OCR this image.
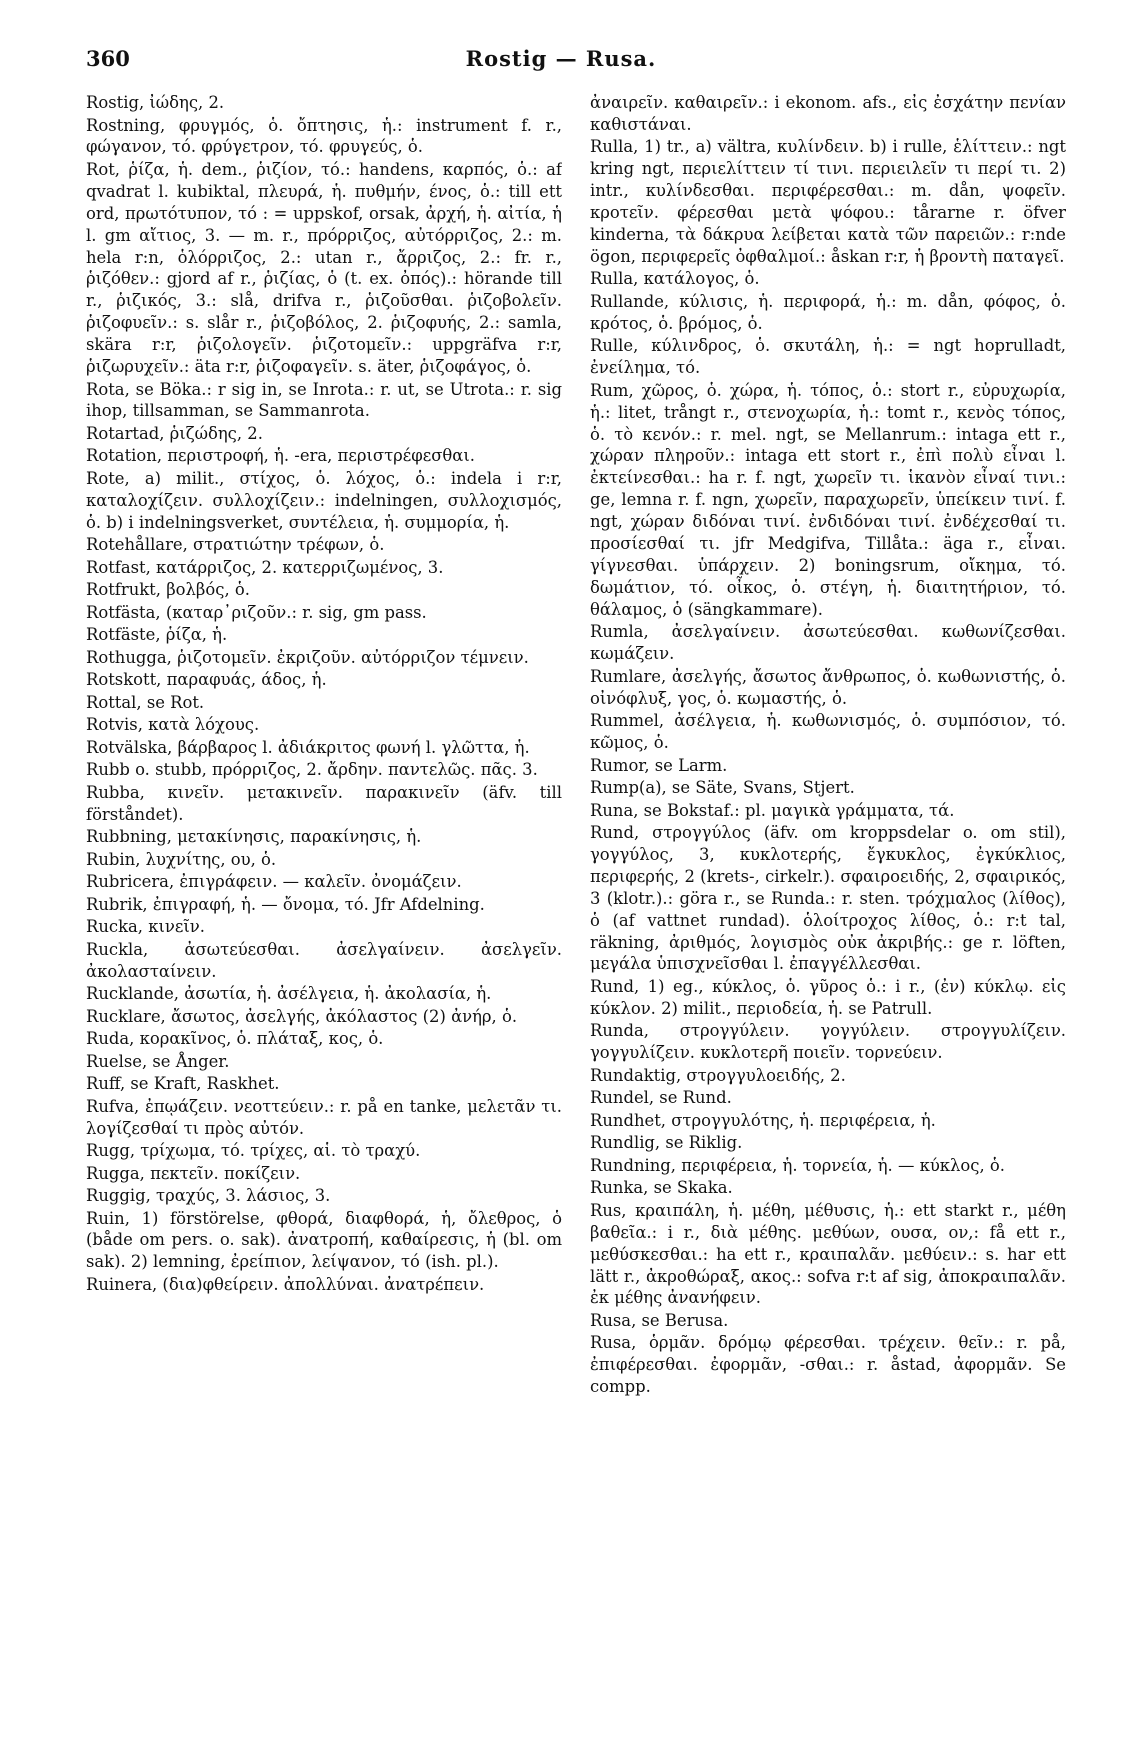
360	Rostig — Rusa.
Rostig, ἰώδης, 2.
Rostning, φρυγμός, ὁ. ὄπτησις, ἡ.: instrument f. r., φώγανον, τό. φρύγετρον, τό. φρυγεύς, ὁ.
Rot, ῥίζα, ἡ. dem., ῥιζίον, τό.: handens, καρπός, ὁ.: af qvadrat l. kubiktal, πλευρά, ἡ. πυθμήν, ένος, ὁ.: till ett ord, πρωτότυπον, τό : = uppskof, orsak, ἀρχή, ἡ. αἰτία, ἡ l. gm αἴτιος, 3. — m. r., πρόρριζος, αὐτόρριζος, 2.: m. hela r:n, ὁλόρριζος, 2.: utan r., ἄρριζος, 2.: fr. r., ῥιζόθεν.: gjord af r., ῥιζίας, ὁ (t. ex. ὀπός).: hörande till r., ῥιζικός, 3.: slå, drifva r., ῥιζοῦσθαι. ῥιζοβολεῖν. ῥιζοφυεῖν.: s. slår r., ῥιζοβόλος, 2. ῥιζοφυής, 2.: samla, skära r:r, ῥιζολογεῖν. ῥιζοτομεῖν.: uppgräfva r:r, ῥιζωρυχεῖν.: äta r:r, ῥιζοφαγεῖν. s. äter, ῥιζοφάγος, ὁ.
Rota, se Böka.: r sig in, se Inrota.: r. ut, se Utrota.: r. sig ihop, tillsamman, se Sammanrota.
Rotartad, ῥιζώδης, 2.
Rotation, περιστροφή, ἡ. -era, περιστρέφεσθαι.
Rote, a) milit., στίχος, ὁ. λόχος, ὁ.: indela i r:r, καταλοχίζειν. συλλοχίζειν.: indelningen, συλλοχισμός, ὁ. b) i indelningsverket, συντέλεια, ἡ. συμμορία, ἡ.
Rotehållare, στρατιώτην τρέφων, ὁ.
Rotfast, κατάρριζος, 2. κατερριζωμένος, 3.
Rotfrukt, βολβός, ὁ.
Rotfästa, (καταρ᾽ριζοῦν.: r. sig, gm pass.
Rotfäste, ῥίζα, ἡ.
Rothugga, ῥιζοτομεῖν. ἐκριζοῦν. αὐτόρριζον τέμνειν.
Rotskott, παραφυάς, άδος, ἡ.
Rottal, se Rot.
Rotvis, κατὰ λόχους.
Rotvälska, βάρβαρος l. ἀδιάκριτος φωνή l. γλῶττα, ἡ.
Rubb o. stubb, πρόρριζος, 2. ἄρδην. παντελῶς. πᾶς. 3.
Rubba, κινεῖν. μετακινεῖν. παρακινεῖν (äfv. till förståndet).
Rubbning, μετακίνησις, παρακίνησις, ἡ.
Rubin, λυχνίτης, ου, ὁ.
Rubricera, ἐπιγράφειν. — καλεῖν. ὀνομάζειν.
Rubrik, ἐπιγραφή, ἡ. — ὄνομα, τό. Jfr Afdelning.
Rucka, κινεῖν.
Ruckla, ἀσωτεύεσθαι. ἀσελγαίνειν. ἀσελγεῖν. ἀκολασταίνειν.
Rucklande, ἀσωτία, ἡ. ἀσέλγεια, ἡ. ἀκολασία, ἡ.
Rucklare, ἄσωτος, ἀσελγής, ἀκόλαστος (2) ἀνήρ, ὁ.
Ruda, κορακῖνος, ὁ. πλάταξ, κος, ὁ.
Ruelse, se Ånger.
Ruff, se Kraft, Raskhet.
Rufva, ἐπῳάζειν. νεοττεύειν.: r. på en tanke, μελετᾶν τι. λογίζεσθαί τι πρὸς αὐτόν.
Rugg, τρίχωμα, τό. τρίχες, αἱ. τὸ τραχύ.
Rugga, πεκτεῖν. ποκίζειν.
Ruggig, τραχύς, 3. λάσιος, 3.
Ruin, 1) förstörelse, φθορά, διαφθορά, ἡ, ὄλεθρος, ὁ (både om pers. o. sak). ἀνατροπή, καθαίρεσις, ἡ (bl. om sak). 2) lemning, ἐρείπιον, λείψανον, τό (ish. pl.).
Ruinera, (δια)φθείρειν. ἀπολλύναι. ἀνατρέπειν.
ἀναιρεῖν. καθαιρεῖν.: i ekonom. afs., εἰς ἐσχάτην πενίαν καθιστάναι.
Rulla, 1) tr., a) vältra, κυλίνδειν. b) i rulle, ἑλίττειν.: ngt kring ngt, περιελίττειν τί τινι. περιειλεῖν τι περί τι. 2) intr., κυλίνδεσθαι. περιφέρεσθαι.: m. dån, ψοφεῖν. κροτεῖν. φέρεσθαι μετὰ ψόφου.: tårarne r. öfver kinderna, τὰ δάκρυα λείβεται κατὰ τῶν παρειῶν.: r:nde ögon, περιφερεῖς ὀφθαλμοί.: åskan r:r, ἡ βροντὴ παταγεῖ.
Rulla, κατάλογος, ὁ.
Rullande, κύλισις, ἡ. περιφορά, ἡ.: m. dån, φόφος, ὁ. κρότος, ὁ. βρόμος, ὁ.
Rulle, κύλινδρος, ὁ. σκυτάλη, ἡ.: = ngt hoprulladt, ἐνείλημα, τό.
Rum, χῶρος, ὁ. χώρα, ἡ. τόπος, ὁ.: stort r., εὐρυχωρία, ἡ.: litet, trångt r., στενοχωρία, ἡ.: tomt r., κενὸς τόπος, ὁ. τὸ κενόν.: r. mel. ngt, se Mellanrum.: intaga ett r., χώραν πληροῦν.: intaga ett stort r., ἐπὶ πολὺ εἶναι l. ἐκτείνεσθαι.: ha r. f. ngt, χωρεῖν τι. ἱκανὸν εἶναί τινι.: ge, lemna r. f. ngn, χωρεῖν, παραχωρεῖν, ὑπείκειν τινί. f. ngt, χώραν διδόναι τινί. ἐνδιδόναι τινί. ἐνδέχεσθαί τι. προσίεσθαί τι. jfr Medgifva, Tillåta.: äga r., εἶναι. γίγνεσθαι. ὑπάρχειν. 2) boningsrum, οἴκημα, τό. δωμάτιον, τό. οἶκος, ὁ. στέγη, ἡ. διαιτητήριον, τό. θάλαμος, ὁ (sängkammare).
Rumla, ἀσελγαίνειν. ἀσωτεύεσθαι. κωθωνίζεσθαι. κωμάζειν.
Rumlare, ἀσελγής, ἄσωτος ἄνθρωπος, ὁ. κωθωνιστής, ὁ. οἰνόφλυξ, γος, ὁ. κωμαστής, ὁ.
Rummel, ἀσέλγεια, ἡ. κωθωνισμός, ὁ. συμπόσιον, τό. κῶμος, ὁ.
Rumor, se Larm.
Rump(a), se Säte, Svans, Stjert.
Runa, se Bokstaf.: pl. μαγικὰ γράμματα, τά.
Rund, στρογγύλος (äfv. om kroppsdelar o. om stil), γογγύλος, 3, κυκλοτερής, ἔγκυκλος, ἐγκύκλιος, περιφερής, 2 (krets-, cirkelr.). σφαιροειδής, 2, σφαιρικός, 3 (klotr.).: göra r., se Runda.: r. sten. τρόχμαλος (λίθος), ὁ (af vattnet rundad). ὁλοίτροχος λίθος, ὁ.: r:t tal, räkning, ἀριθμός, λογισμὸς οὐκ ἀκριβής.: ge r. löften, μεγάλα ὑπισχνεῖσθαι l. ἐπαγγέλλεσθαι.
Rund, 1) eg., κύκλος, ὁ. γῦρος ὁ.: i r., (ἐν) κύκλῳ. εἰς κύκλον. 2) milit., περιοδεία, ἡ. se Patrull.
Runda, στρογγύλειν. γογγύλειν. στρογγυλίζειν. γογγυλίζειν. κυκλοτερῆ ποιεῖν. τορνεύειν.
Rundaktig, στρογγυλοειδής, 2.
Rundel, se Rund.
Rundhet, στρογγυλότης, ἡ. περιφέρεια, ἡ.
Rundlig, se Riklig.
Rundning, περιφέρεια, ἡ. τορνεία, ἡ. — κύκλος, ὁ.
Runka, se Skaka.
Rus, κραιπάλη, ἡ. μέθη, μέθυσις, ἡ.: ett starkt r., μέθη βαθεῖα.: i r., διὰ μέθης. μεθύων, ουσα, ον,: få ett r., μεθύσκεσθαι.: ha ett r., κραιπαλᾶν. μεθύειν.: s. har ett lätt r., ἀκροθώραξ, ακος.: sofva r:t af sig, ἀποκραιπαλᾶν. ἐκ μέθης ἀνανήφειν.
Rusa, se Berusa.
Rusa, ὁρμᾶν. δρόμῳ φέρεσθαι. τρέχειν. θεῖν.: r. på, ἐπιφέρεσθαι. ἐφορμᾶν, -σθαι.: r. åstad, ἀφορμᾶν. Se compp.
